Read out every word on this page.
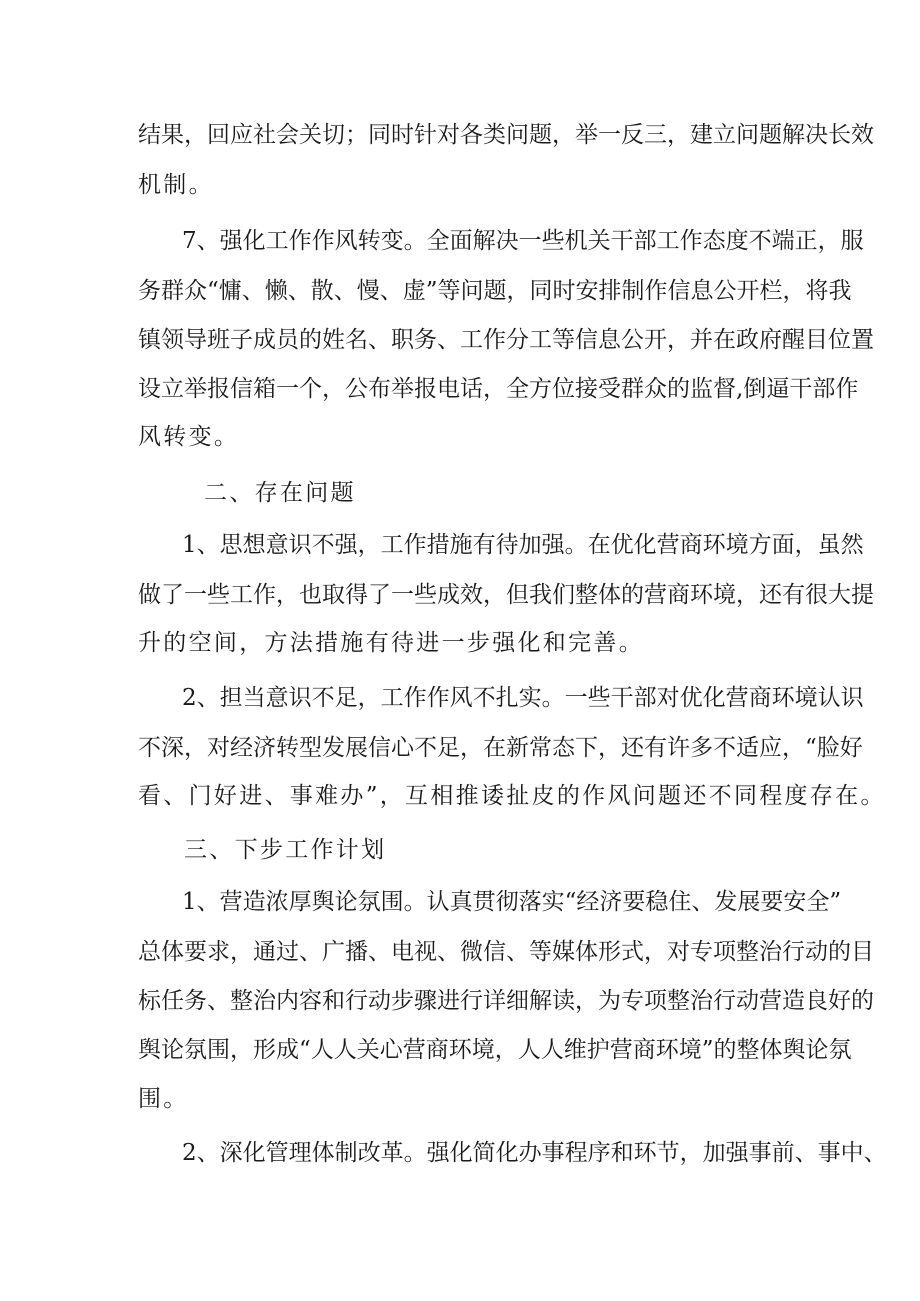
结 果 ， 回 应 社 会 关 切 ； 同 时 针 对 各 类 问 题 ， 举 一 反 三 ， 建 立 问 题 解 决 长 效
机制。
7 、 强 化 工 作 作 风 转 变 。 全 面 解 决 一 些 机 关 干 部 工 作 态 度 不 端 正 ， 服
务 群 众 “ 慵 、 懒 、 散 、 慢 、 虚 ” 等 问 题 ， 同 时 安 排 制 作 信 息 公 开 栏 ， 将 我
镇 领 导 班 子 成 员 的 姓 名 、 职 务 、 工 作 分 工 等 信 息 公 开 ， 并 在 政 府 醒 目 位 置
设 立 举 报 信 箱 一 个 ， 公 布 举 报 电 话 ， 全 方 位 接 受 群 众 的 监 督 , 倒 逼 干 部 作
风转变。
二、存在问题
1 、 思 想 意 识 不 强 ， 工 作 措 施 有 待 加 强 。 在 优 化 营 商 环 境 方 面 ， 虽 然
做 了 一 些 工 作 ， 也 取 得 了 一 些 成 效 ， 但 我 们 整 体 的 营 商 环 境 ， 还 有 很 大 提
升的空间，方法措施有待进一步强化和完善。
2 、 担 当 意 识 不 足 ， 工 作 作 风 不 扎 实 。 一 些 干 部 对 优 化 营 商 环 境 认 识
不 深 ， 对 经 济 转 型 发 展 信 心 不 足 ， 在 新 常 态 下 ， 还 有 许 多 不 适 应 ， “ 脸 好
看、门好进、事难办”，互相推诿扯皮的作风问题还不同程度存在。
三、下步工作计划
1 、 营 造 浓 厚 舆 论 氛 围 。 认 真 贯 彻 落 实 “ 经 济 要 稳 住 、 发 展 要 安 全 ”
总 体 要 求 ， 通 过 、 广 播 、 电 视 、 微 信 、 等 媒 体 形 式 ， 对 专 项 整 治 行 动 的 目
标 任 务 、 整 治 内 容 和 行 动 步 骤 进 行 详 细 解 读 ， 为 专 项 整 治 行 动 营 造 良 好 的
舆 论 氛 围 ， 形 成 “ 人 人 关 心 营 商 环 境 ， 人 人 维 护 营 商 环 境 ” 的 整 体 舆 论 氛
围。
2 、 深 化 管 理 体 制 改 革 。 强 化 简 化 办 事 程 序 和 环 节 ， 加 强 事 前 、 事 中 、
